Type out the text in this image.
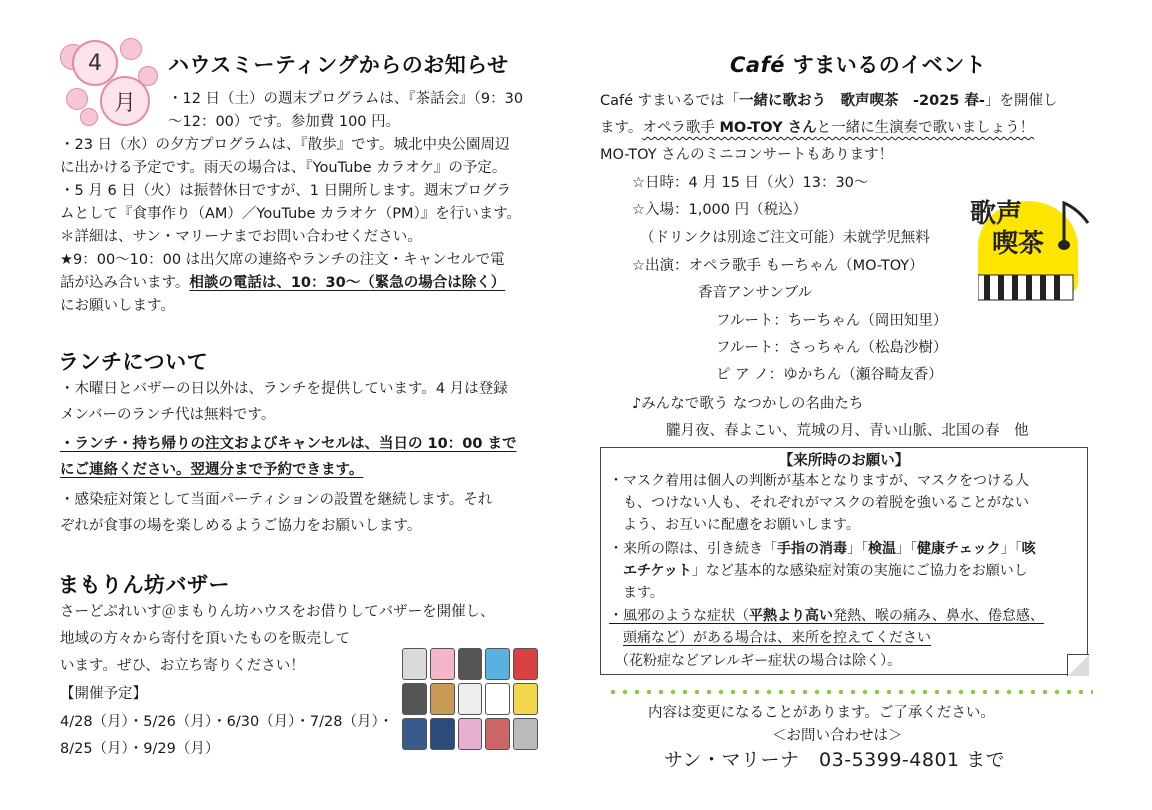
4
月
ハウスミーティングからのお知らせ
・12 日（土）の週末プログラムは、『茶話会』（9：30
〜12：00）です。参加費 100 円。
・23 日（水）の夕方プログラムは、『散歩』です。城北中央公園周辺
に出かける予定です。雨天の場合は、『YouTube カラオケ』の予定。
・5 月 6 日（火）は振替休日ですが、1 日開所します。週末プログラ
ムとして『食事作り（AM）／YouTube カラオケ（PM）』を行います。
＊詳細は、サン・マリーナまでお問い合わせください。
★9：00〜10：00 は出欠席の連絡やランチの注文・キャンセルで電
話が込み合います。相談の電話は、10：30〜（緊急の場合は除く）
にお願いします。
ランチについて
・木曜日とバザーの日以外は、ランチを提供しています。4 月は登録
メンバーのランチ代は無料です。
・ランチ・持ち帰りの注文およびキャンセルは、当日の 10：00 まで
にご連絡ください。翌週分まで予約できます。
・感染症対策として当面パーティションの設置を継続します。それ
ぞれが食事の場を楽しめるようご協力をお願いします。
まもりん坊バザー
さーどぷれいす＠まもりん坊ハウスをお借りしてバザーを開催し、
地域の方々から寄付を頂いたものを販売して
います。ぜひ、お立ち寄りください！
【開催予定】
4/28（月）・5/26（月）・6/30（月）・7/28（月）・
8/25（月）・9/29（月）
Café すまいるのイベント
Café すまいるでは「一緒に歌おう　歌声喫茶　-2025 春-」を開催し
ます。オペラ歌手 MO-TOY さんと一緒に生演奏で歌いましょう！
MO-TOY さんのミニコンサートもあります！
☆日時：4 月 15 日（火）13：30〜
☆入場：1,000 円（税込）
（ドリンクは別途ご注文可能）未就学児無料
☆出演：オペラ歌手 もーちゃん（MO-TOY）
香音アンサンブル
フルート：ちーちゃん（岡田知里）
フルート：さっちゃん（松島沙樹）
ピ ア ノ：ゆかちん（瀬谷畸友香）
♪みんなで歌う なつかしの名曲たち
朧月夜、春よこい、荒城の月、青い山脈、北国の春　他
歌声
喫茶
【来所時のお願い】
・マスク着用は個人の判断が基本となりますが、マスクをつける人
も、つけない人も、それぞれがマスクの着脱を強いることがない
よう、お互いに配慮をお願いします。
・来所の際は、引き続き「手指の消毒」「検温」「健康チェック」「咳
エチケット」など基本的な感染症対策の実施にご協力をお願いし
ます。
・風邪のような症状（平熱より高い発熱、喉の痛み、鼻水、倦怠感、
頭痛など）がある場合は、来所を控えてください
（花粉症などアレルギー症状の場合は除く）。
内容は変更になることがあります。ご了承ください。
＜お問い合わせは＞
サン・マリーナ　03-5399-4801 まで
